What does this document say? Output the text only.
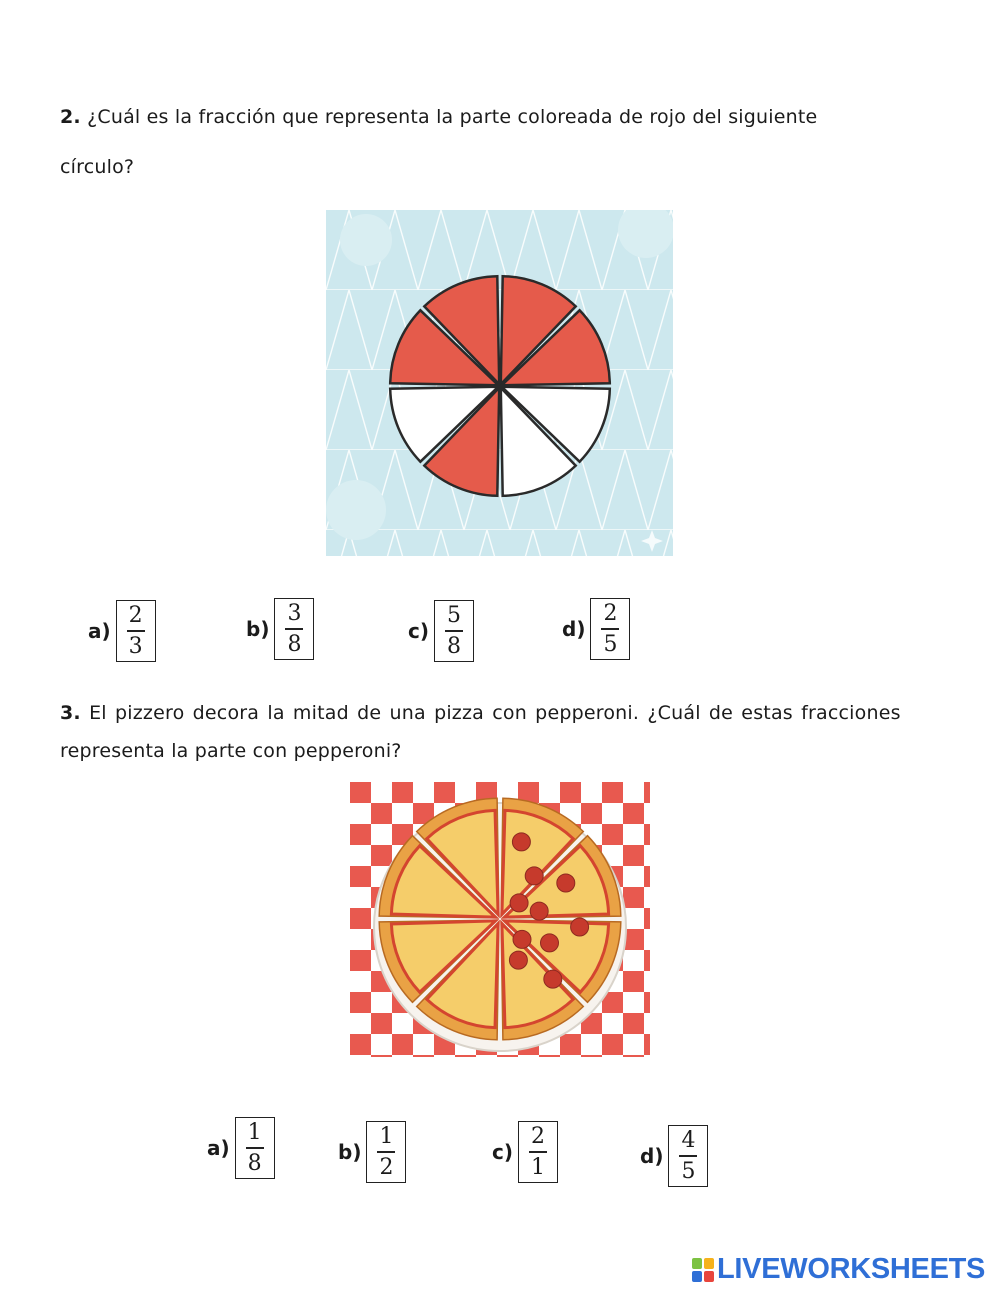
2. ¿Cuál es la fracción que representa la parte coloreada de rojo del siguiente
círculo?
$a) \frac{2}{3}$	$b) \frac{3}{8}$	$c) \frac{5}{8}$	$d) \frac{2}{5}$
3. El pizzero decora la mitad de una pizza con pepperoni. ¿Cuál de estas fracciones
representa la parte con pepperoni?
$a) \frac{1}{8}$	$b) \frac{1}{2}$	$c) \frac{2}{1}$	$d) \frac{4}{5}$
LIVEWORKSHEETS
